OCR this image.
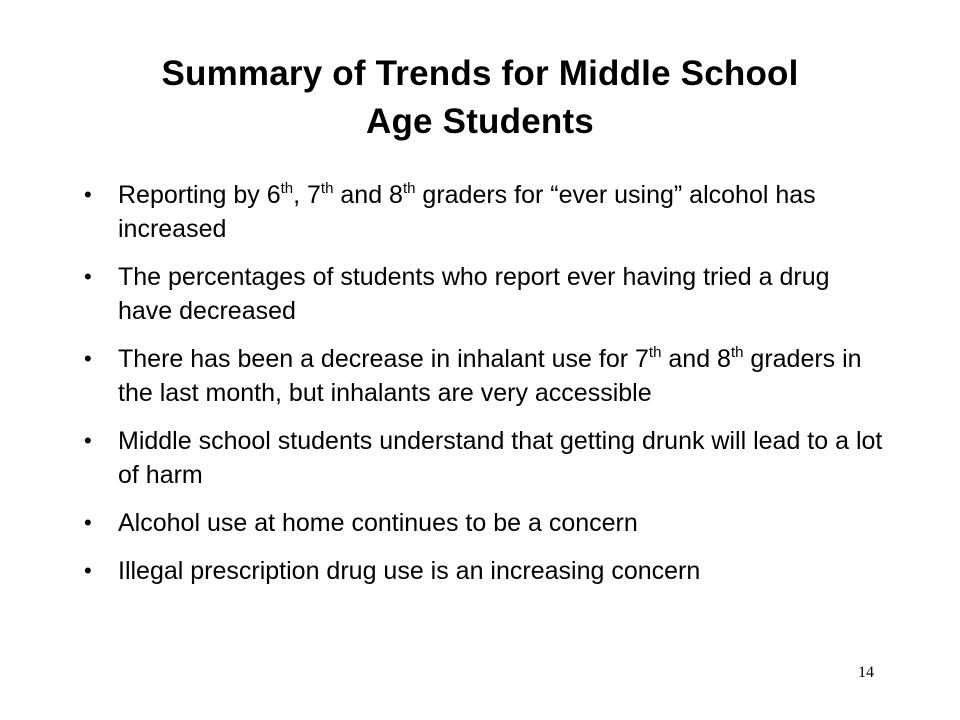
Summary of Trends for Middle School
Age Students
• Reporting by 6th, 7th and 8th graders for “ever using” alcohol has increased
• The percentages of students who report ever having tried a drug have decreased
• There has been a decrease in inhalant use for 7th and 8th graders in the last month, but inhalants are very accessible
• Middle school students understand that getting drunk will lead to a lot of harm
• Alcohol use at home continues to be a concern
• Illegal prescription drug use is an increasing concern
14
